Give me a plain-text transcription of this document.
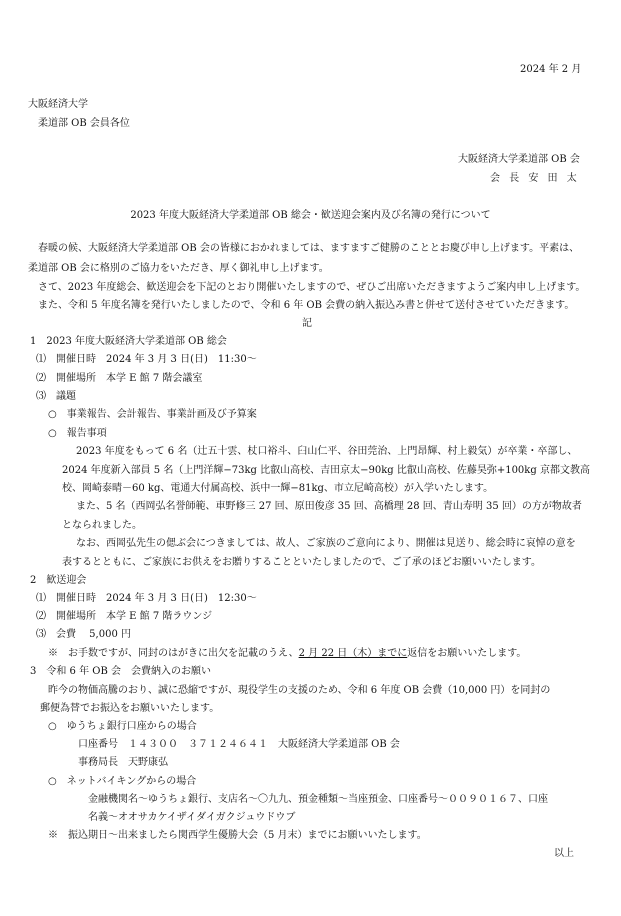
2024 年 2 月
大阪経済大学
柔道部 OB 会員各位
大阪経済大学柔道部 OB 会
会 長 安 田 太
2023 年度大阪経済大学柔道部 OB 総会・歓送迎会案内及び名簿の発行について
春暖の候、大阪経済大学柔道部 OB 会の皆様におかれましては、ますますご健勝のこととお慶び申し上げます。平素は、
柔道部 OB 会に格別のご協力をいただき、厚く御礼申し上げます。
さて、2023 年度総会、歓送迎会を下記のとおり開催いたしますので、ぜひご出席いただきますようご案内申し上げます。
また、令和 5 年度名簿を発行いたしましたので、令和 6 年 OB 会費の納入振込み書と併せて送付させていただきます。
記
1　2023 年度大阪経済大学柔道部 OB 総会
⑴　開催日時　2024 年 3 月 3 日(日)　11:30～
⑵　開催場所　本学 E 館 7 階会議室
⑶　議題
○　事業報告、会計報告、事業計画及び予算案
○　報告事項
2023 年度をもって 6 名（辻五十雲、杖口裕斗、臼山仁平、谷田莞治、上門昂輝、村上毅気）が卒業・卒部し、
2024 年度新入部員 5 名（上門洋輝−73kg 比叡山高校、吉田京太−90kg 比叡山高校、佐藤昊弥+100kg 京都文教高
校、岡崎泰晴－60 kg、電通大付属高校、浜中一輝−81kg、市立尼崎高校）が入学いたします。
また、5 名（西岡弘名誉師範、車野修三 27 回、原田俊彦 35 回、高橋理 28 回、青山寿明 35 回）の方が物故者
となられました。
なお、西岡弘先生の偲ぶ会につきましては、故人、ご家族のご意向により、開催は見送り、総会時に哀悼の意を
表するとともに、ご家族にお供えをお贈りすることといたしましたので、ご了承のほどお願いいたします。
2　歓送迎会
⑴　開催日時　2024 年 3 月 3 日(日)　12:30～
⑵　開催場所　本学 E 館 7 階ラウンジ
⑶　会費　 5,000 円
※　お手数ですが、同封のはがきに出欠を記載のうえ、2 月 22 日（木）までに返信をお願いいたします。
3　令和 6 年 OB 会　会費納入のお願い
昨今の物価高騰のおり、誠に恐縮ですが、現役学生の支援のため、令和 6 年度 OB 会費（10,000 円）を同封の
郵便為替でお振込をお願いいたします。
○　ゆうちょ銀行口座からの場合
口座番号　１４３００　３７１２４６４１　大阪経済大学柔道部 OB 会
事務局長　天野康弘
○　ネットバイキングからの場合
金融機関名～ゆうちょ銀行、支店名～〇九九、預金種類～当座預金、口座番号～００９０１６７、口座
名義～オオサカケイザイダイガクジュウドウブ
※　振込期日～出来ましたら関西学生優勝大会（5 月末）までにお願いいたします。
以上
